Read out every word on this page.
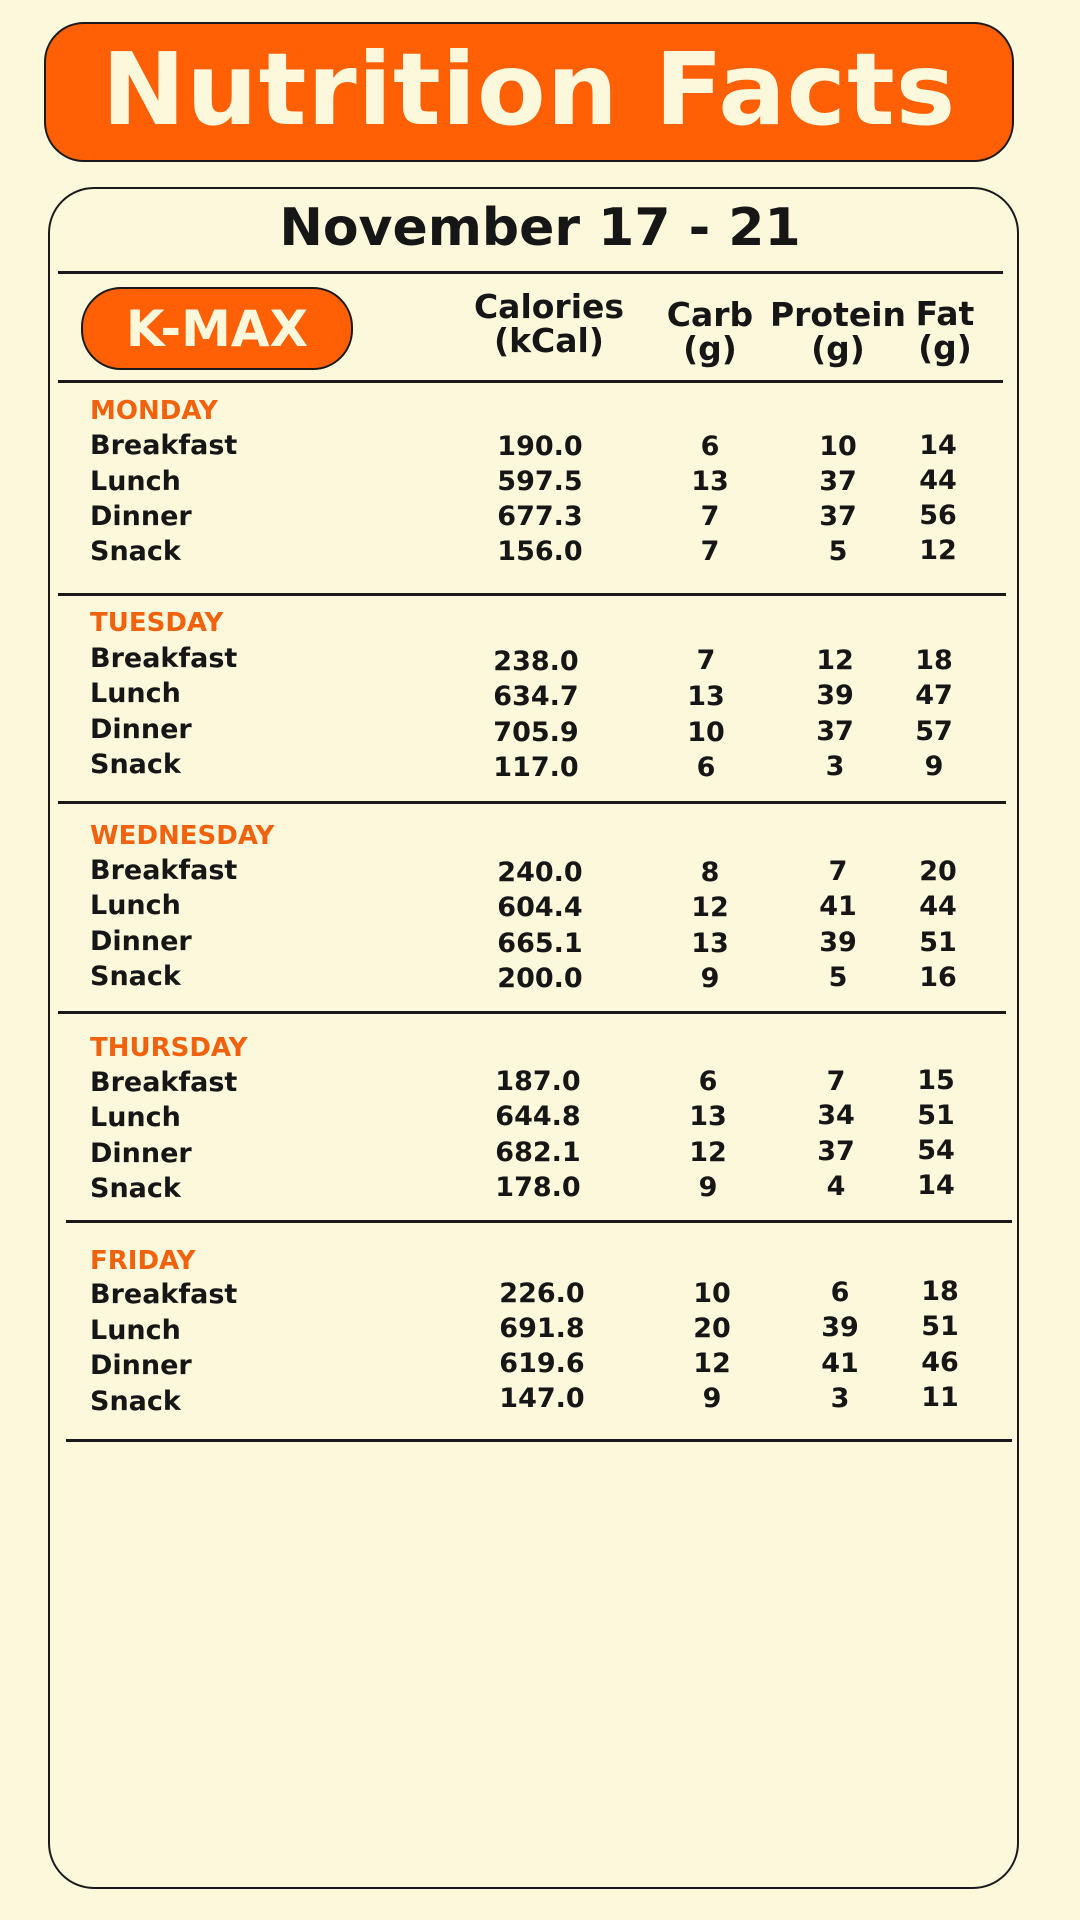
Nutrition Facts
November 17 - 21
K-MAX	Calories
(kCal)
Carb
(g)
Protein
(g)
Fat
(g)
MONDAY
Breakfast	190.0	6	10	14
Lunch	597.5	13	37	44
Dinner	677.3	7	37	56
Snack	156.0	7	5	12
TUESDAY
Breakfast	238.0	7	12	18
Lunch	634.7	13	39	47
Dinner	705.9	10	37	57
Snack	117.0	6	3	9
WEDNESDAY
Breakfast	240.0	8	7	20
Lunch	604.4	12	41	44
Dinner	665.1	13	39	51
Snack	200.0	9	5	16
THURSDAY
Breakfast	187.0	6	7	15
Lunch	644.8	13	34	51
Dinner	682.1	12	37	54
Snack	178.0	9	4	14
FRIDAY
Breakfast	226.0	10	6	18
Lunch	691.8	20	39	51
Dinner	619.6	12	41	46
Snack	147.0	9	3	11
